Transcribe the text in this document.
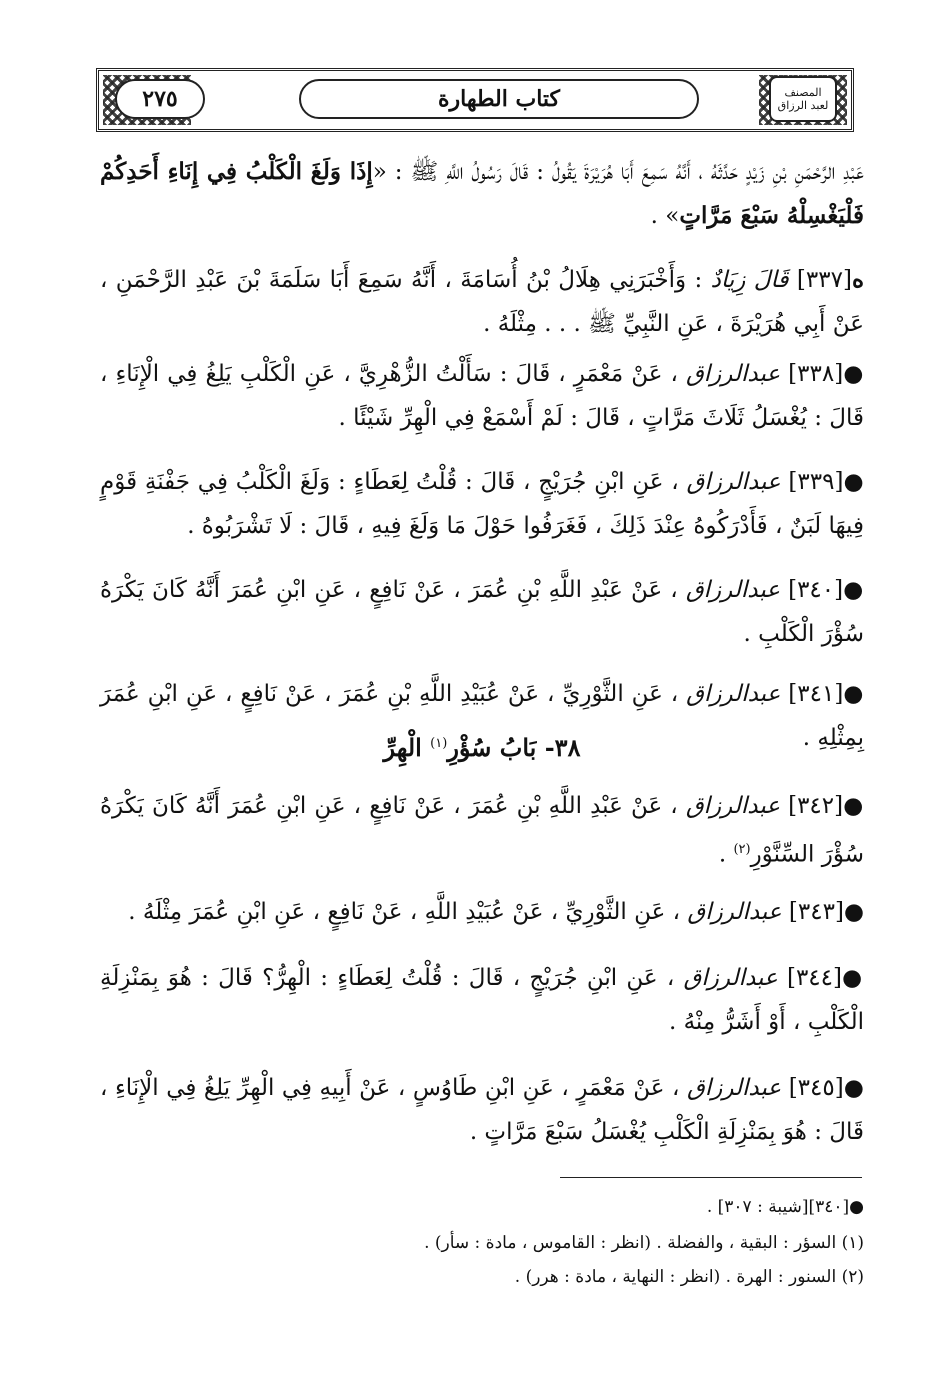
٢٧٥	كتاب الطهارة	المصنف
لعبد الرزاق
عَبْدِ الرَّحْمَنِ بْنِ زَيْدٍ حَدَّثَهُ ، أَنَّهُ سَمِعَ أَبَا هُرَيْرَةَ يَقُولُ : قَالَ رَسُولُ اللَّهِ ﷺ : «إِذَا وَلَغَ الْكَلْبُ فِي إِنَاءِ أَحَدِكُمْ فَلْيَغْسِلْهُ سَبْعَ مَرَّاتٍ» .
ه[٣٣٧] قَالَ زِيَادٌ : وَأَخْبَرَنِي هِلَالُ بْنُ أُسَامَةَ ، أَنَّهُ سَمِعَ أَبَا سَلَمَةَ بْنَ عَبْدِ الرَّحْمَنِ ، عَنْ أَبِي هُرَيْرَةَ ، عَنِ النَّبِيِّ ﷺ . . . مِثْلَهُ .
●[٣٣٨] عبدالرزاق ، عَنْ مَعْمَرٍ ، قَالَ : سَأَلْتُ الزُّهْرِيَّ ، عَنِ الْكَلْبِ يَلِغُ فِي الْإِنَاءِ ، قَالَ : يُغْسَلُ ثَلَاثَ مَرَّاتٍ ، قَالَ : لَمْ أَسْمَعْ فِي الْهِرِّ شَيْئًا .
●[٣٣٩] عبدالرزاق ، عَنِ ابْنِ جُرَيْجٍ ، قَالَ : قُلْتُ لِعَطَاءٍ : وَلَغَ الْكَلْبُ فِي جَفْنَةِ قَوْمٍ فِيهَا لَبَنٌ ، فَأَدْرَكُوهُ عِنْدَ ذَلِكَ ، فَغَرَفُوا حَوْلَ مَا وَلَغَ فِيهِ ، قَالَ : لَا تَشْرَبُوهُ .
●[٣٤٠] عبدالرزاق ، عَنْ عَبْدِ اللَّهِ بْنِ عُمَرَ ، عَنْ نَافِعٍ ، عَنِ ابْنِ عُمَرَ أَنَّهُ كَانَ يَكْرَهُ سُؤْرَ الْكَلْبِ .
●[٣٤١] عبدالرزاق ، عَنِ الثَّوْرِيِّ ، عَنْ عُبَيْدِ اللَّهِ بْنِ عُمَرَ ، عَنْ نَافِعٍ ، عَنِ ابْنِ عُمَرَ بِمِثْلِهِ .
٣٨- بَابُ سُؤْرِ$^{(١)}$ الْهِرِّ
●[٣٤٢] عبدالرزاق ، عَنْ عَبْدِ اللَّهِ بْنِ عُمَرَ ، عَنْ نَافِعٍ ، عَنِ ابْنِ عُمَرَ أَنَّهُ كَانَ يَكْرَهُ سُؤْرَ السِّنَّوْرِ$^{(٢)}$ .
●[٣٤٣] عبدالرزاق ، عَنِ الثَّوْرِيِّ ، عَنْ عُبَيْدِ اللَّهِ ، عَنْ نَافِعٍ ، عَنِ ابْنِ عُمَرَ مِثْلَهُ .
●[٣٤٤] عبدالرزاق ، عَنِ ابْنِ جُرَيْجٍ ، قَالَ : قُلْتُ لِعَطَاءٍ : الْهِرُّ؟ قَالَ : هُوَ بِمَنْزِلَةِ الْكَلْبِ ، أَوْ أَشَرُّ مِنْهُ .
●[٣٤٥] عبدالرزاق ، عَنْ مَعْمَرٍ ، عَنِ ابْنِ طَاوُسٍ ، عَنْ أَبِيهِ فِي الْهِرِّ يَلِغُ فِي الْإِنَاءِ ، قَالَ : هُوَ بِمَنْزِلَةِ الْكَلْبِ يُغْسَلُ سَبْعَ مَرَّاتٍ .
●[٣٤٠][شيبة : ٣٠٧] .
(١) السؤر : البقية ، والفضلة . (انظر : القاموس ، مادة : سأر) .
(٢) السنور : الهرة . (انظر : النهاية ، مادة : هرر) .
